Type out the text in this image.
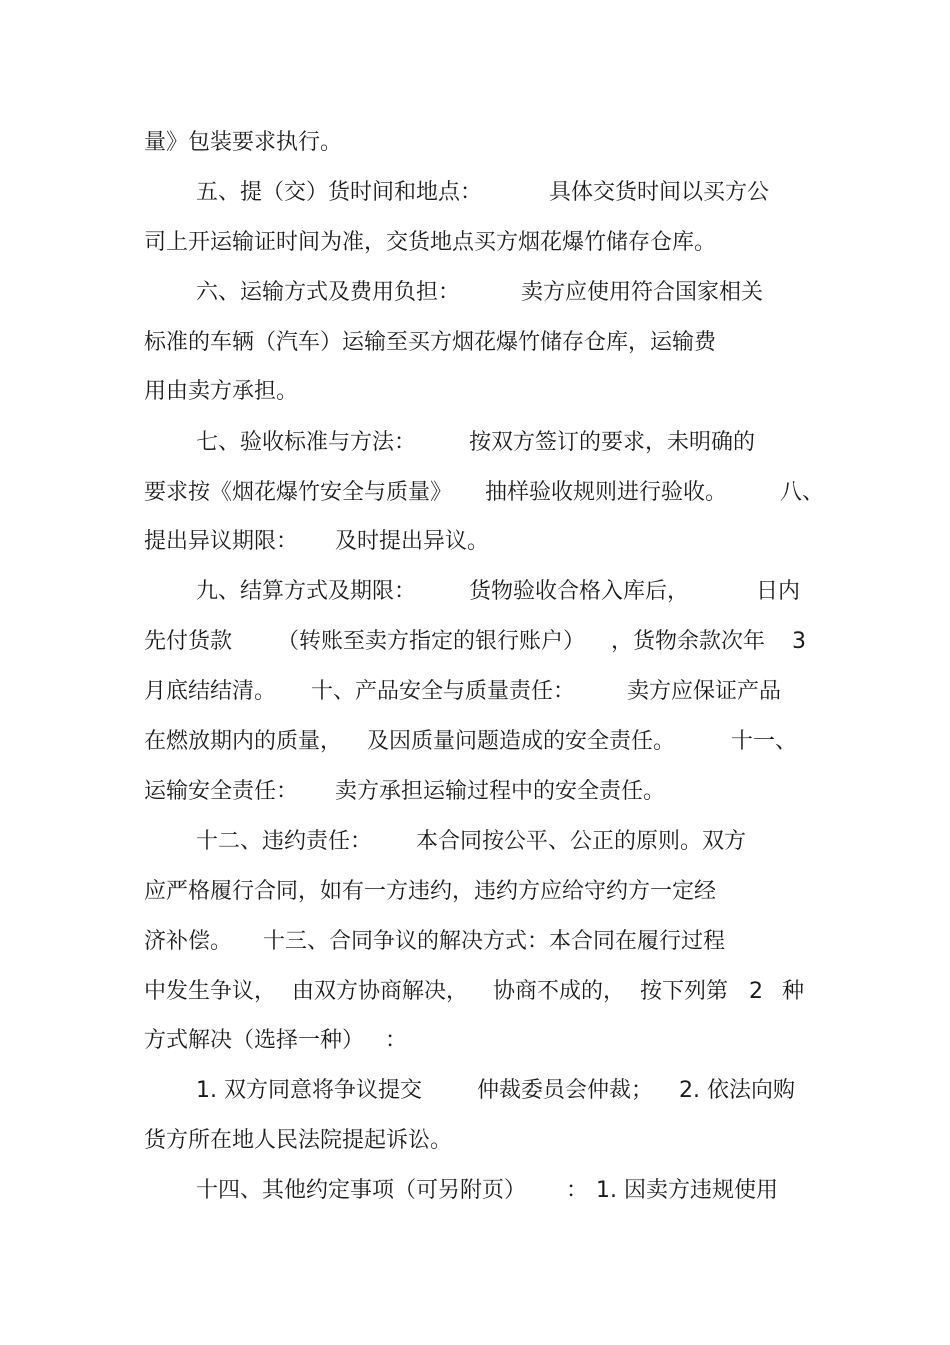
量》包装要求执行。
五、提（交）货时间和地点：	具体交货时间以买方公
司上开运输证时间为准，交货地点买方烟花爆竹储存仓库。
六、运输方式及费用负担：	卖方应使用符合国家相关
标准的车辆（汽车）运输至买方烟花爆竹储存仓库，运输费
用由卖方承担。
七、验收标准与方法： 按双方签订的要求，未明确的
要求按《烟花爆竹安全与质量》 抽样验收规则进行验收。 八、
提出异议期限： 及时提出异议。
九、结算方式及期限： 货物验收合格入库后，	日内
先付货款 （转账至卖方指定的银行账户） ，货物余款次年 3
月底结结清。 十、产品安全与质量责任： 卖方应保证产品
在燃放期内的质量， 及因质量问题造成的安全责任。	十一、
运输安全责任： 卖方承担运输过程中的安全责任。
十二、违约责任： 本合同按公平、公正的原则。双方
应严格履行合同，如有一方违约，违约方应给守约方一定经
济补偿。 十三、合同争议的解决方式：本合同在履行过程
中发生争议， 由双方协商解决， 协商不成的， 按下列第 2 种
方式解决（选择一种） ：
1. 双方同意将争议提交	仲裁委员会仲裁； 2. 依法向购
货方所在地人民法院提起诉讼。
十四、其他约定事项（可另附页） ： 1. 因卖方违规使用
